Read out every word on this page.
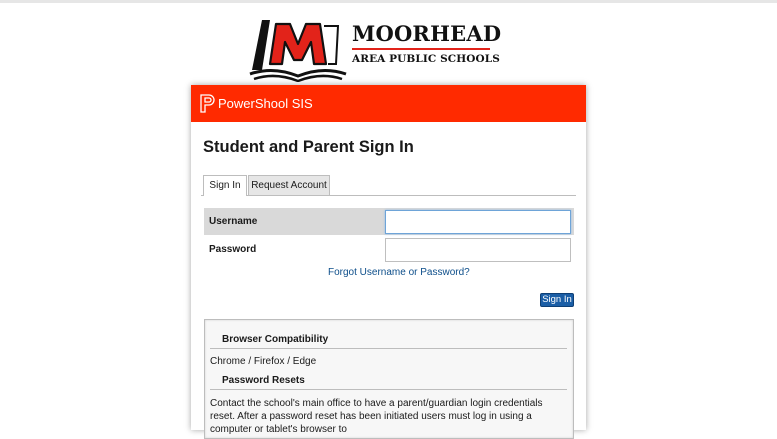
MOORHEAD
AREA PUBLIC SCHOOLS
PowerShool SIS
Student and Parent Sign In
Sign In	Request Account
Username
Password
Forgot Username or Password?
Sign In
Browser Compatibility
Chrome / Firefox / Edge
Password Resets
Contact the school's main office to have a parent/guardian login credentials reset. After a password reset has been initiated users must log in using a computer or tablet's browser to
